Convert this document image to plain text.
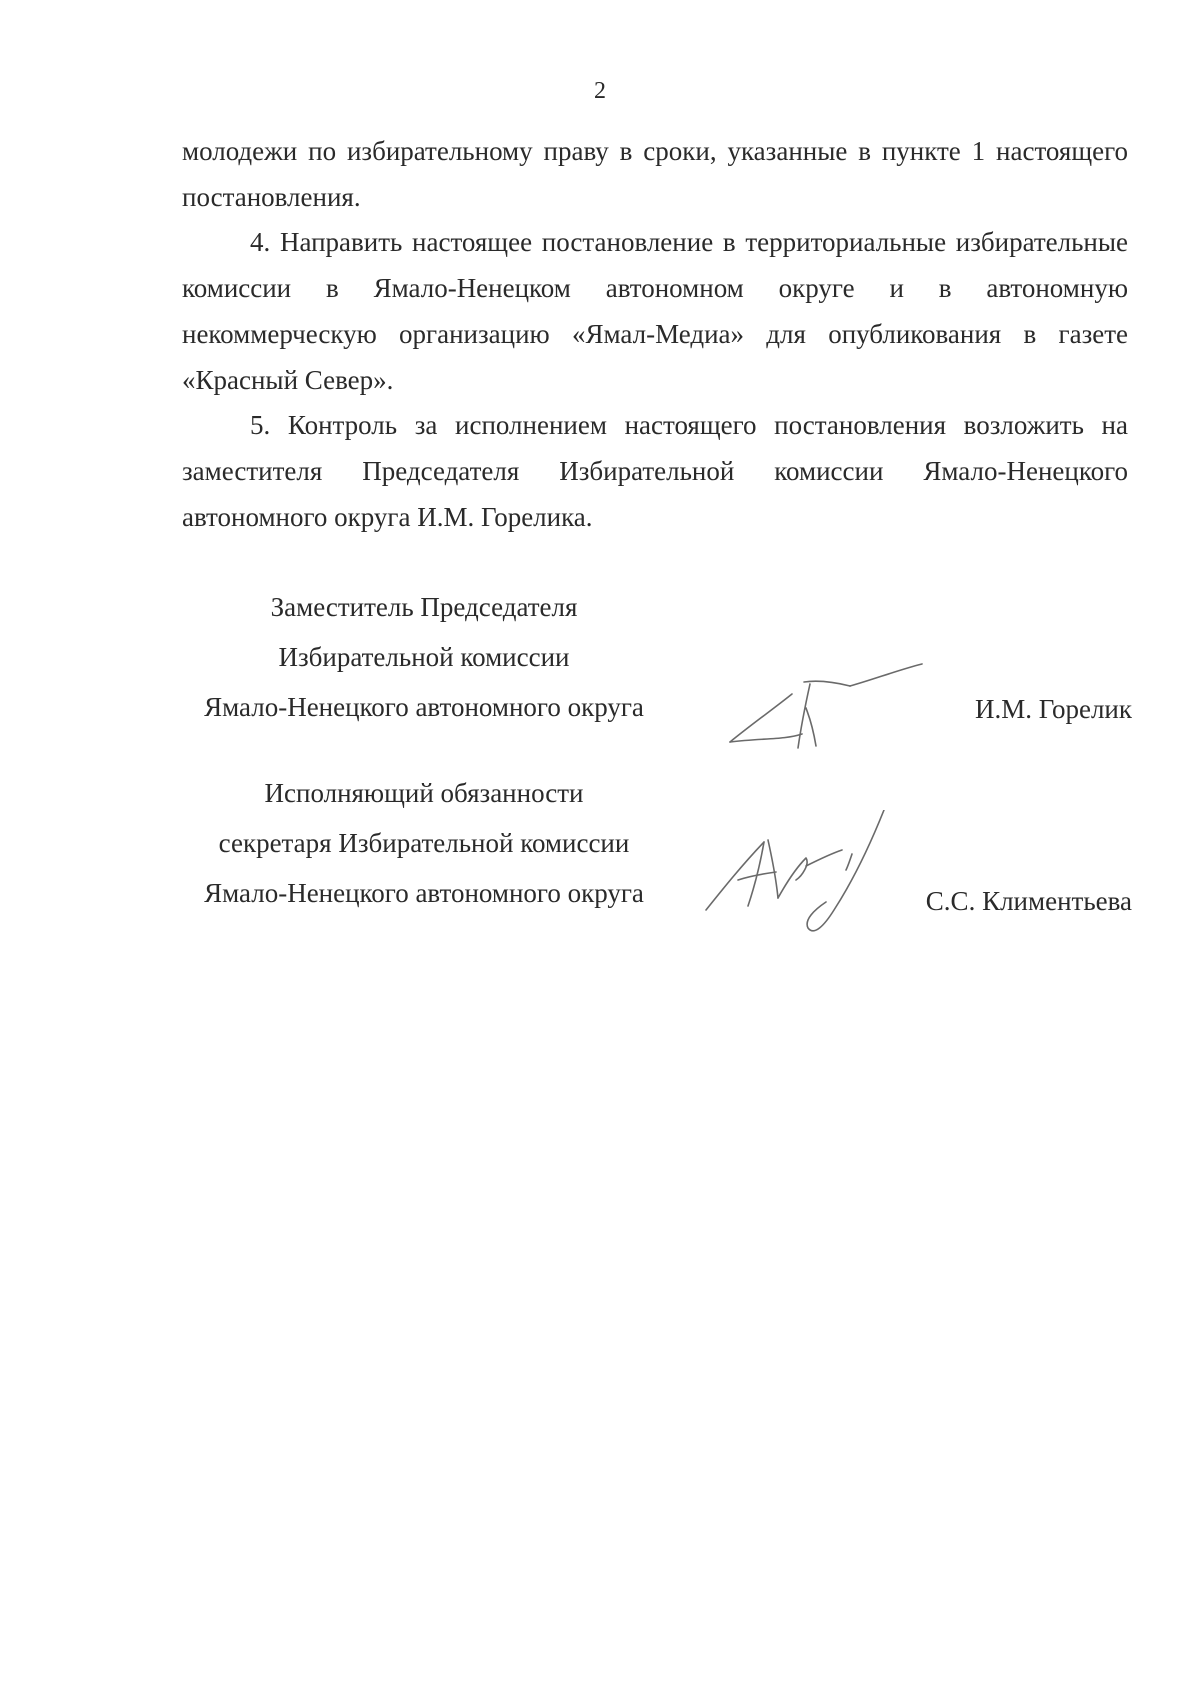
2

молодежи по избирательному праву в сроки, указанные в пункте 1 настоящего постановления.

4. Направить настоящее постановление в территориальные избирательные комиссии в Ямало-Ненецком автономном округе и в автономную некоммерческую организацию «Ямал-Медиа» для опубликования в газете «Красный Север».

5. Контроль за исполнением настоящего постановления возложить на заместителя Председателя Избирательной комиссии Ямало-Ненецкого автономного округа И.М. Горелика.

Заместитель Председателя
Избирательной комиссии
Ямало-Ненецкого автономного округа	И.М. Горелик
Исполняющий обязанности
секретаря Избирательной комиссии
Ямало-Ненецкого автономного округа	С.С. Климентьева
